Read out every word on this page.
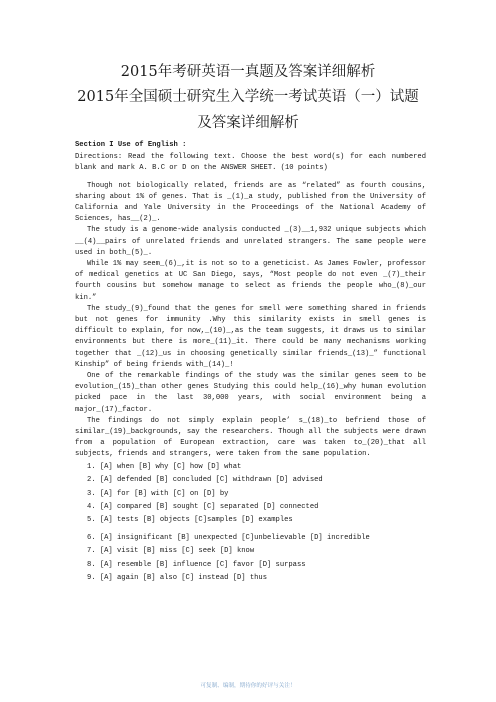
2015年考研英语一真题及答案详细解析
2015年全国硕士研究生入学统一考试英语（一）试题
及答案详细解析

Section I Use of English :

Directions: Read the following text. Choose the best word(s) for each numbered blank and mark A. B.C or D on the ANSWER SHEET. (10 points)

Though not biologically related, friends are as “related” as fourth cousins, sharing about 1% of genes. That is _(1)_a study, published from the University of California and Yale University in the Proceedings of the National Academy of Sciences, has__(2)_.

The study is a genome-wide analysis conducted _(3)__1,932 unique subjects which __(4)__pairs of unrelated friends and unrelated strangers. The same people were used in both_(5)_.

While 1% may seem_(6)_,it is not so to a geneticist. As James Fowler, professor of medical genetics at UC San Diego, says, “Most people do not even _(7)_their fourth cousins but somehow manage to select as friends the people who_(8)_our kin.”

The study_(9)_found that the genes for smell were something shared in friends but not genes for immunity .Why this similarity exists in smell genes is difficult to explain, for now,_(10)_,as the team suggests, it draws us to similar environments but there is more_(11)_it. There could be many mechanisms working together that _(12)_us in choosing genetically similar friends_(13)_” functional Kinship” of being friends with_(14)_!

One of the remarkable findings of the study was the similar genes seem to be evolution_(15)_than other genes Studying this could help_(16)_why human evolution picked pace in the last 30,000 years, with social environment being a major_(17)_factor.

The findings do not simply explain people’ s_(18)_to befriend those of similar_(19)_backgrounds, say the researchers. Though all the subjects were drawn from a population of European extraction, care was taken to_(20)_that all subjects, friends and strangers, were taken from the same population.

1. [A] when [B] why [C] how [D] what
2. [A] defended [B] concluded [C] withdrawn [D] advised
3. [A] for [B] with [C] on [D] by
4. [A] compared [B] sought [C] separated [D] connected
5. [A] tests [B] objects [C]samples [D] examples
6. [A] insignificant [B] unexpected [C]unbelievable [D] incredible
7. [A] visit [B] miss [C] seek [D] know
8. [A] resemble [B] influence [C] favor [D] surpass
9. [A] again [B] also [C] instead [D] thus
可复制、编制，期待你的好评与关注！
